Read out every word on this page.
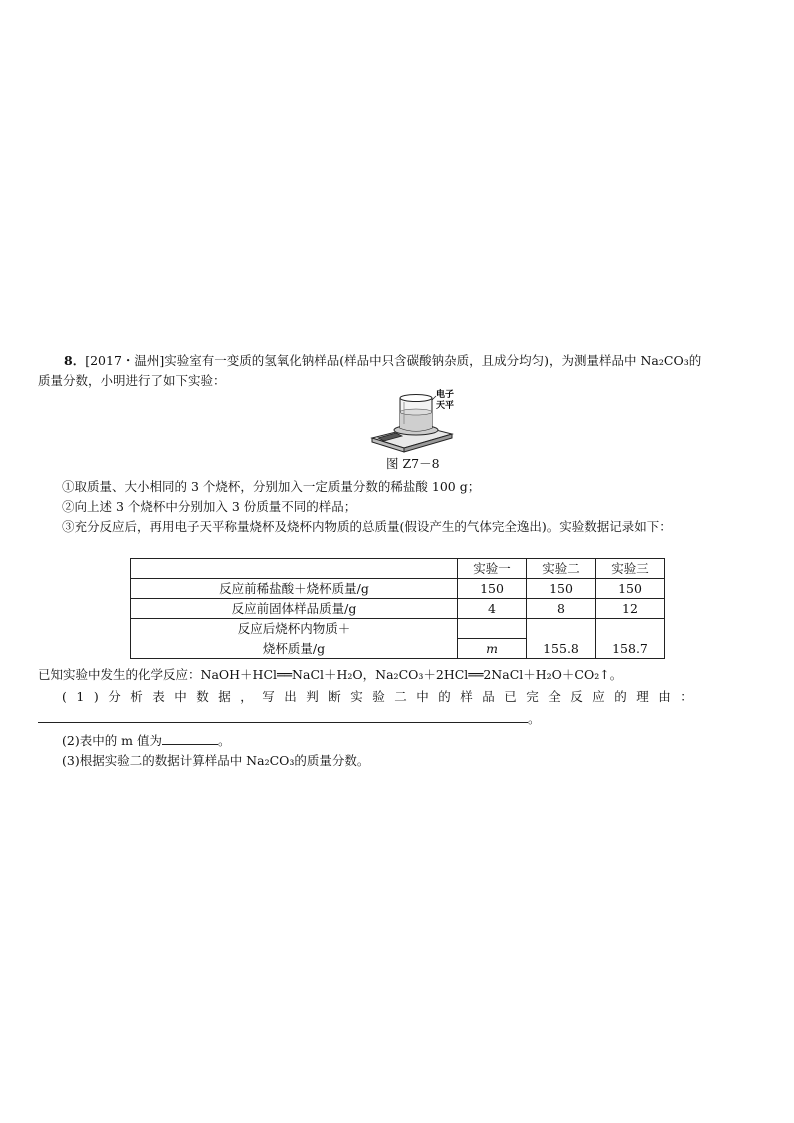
8．[2017・温州]实验室有一变质的氢氧化钠样品(样品中只含碳酸钠杂质，且成分均匀)，为测量样品中 Na₂CO₃的
质量分数，小明进行了如下实验：
电子
天平
图 Z7－8
①取质量、大小相同的 3 个烧杯，分别加入一定质量分数的稀盐酸 100 g；
②向上述 3 个烧杯中分别加入 3 份质量不同的样品；
③充分反应后，再用电子天平称量烧杯及烧杯内物质的总质量(假设产生的气体完全逸出)。实验数据记录如下：
	实验一	实验二	实验三
反应前稀盐酸＋烧杯质量/g	150	150	150
反应前固体样品质量/g	4	8	12
反应后烧杯内物质＋			
烧杯质量/g	m	155.8	158.7
已知实验中发生的化学反应：NaOH＋HCl══NaCl＋H₂O，Na₂CO₃＋2HCl══2NaCl＋H₂O＋CO₂↑。
(1)分析表中数据，写出判断实验二中的样品已完全反应的理由：
。
(2)表中的 m 值为	。
(3)根据实验二的数据计算样品中 Na₂CO₃的质量分数。
